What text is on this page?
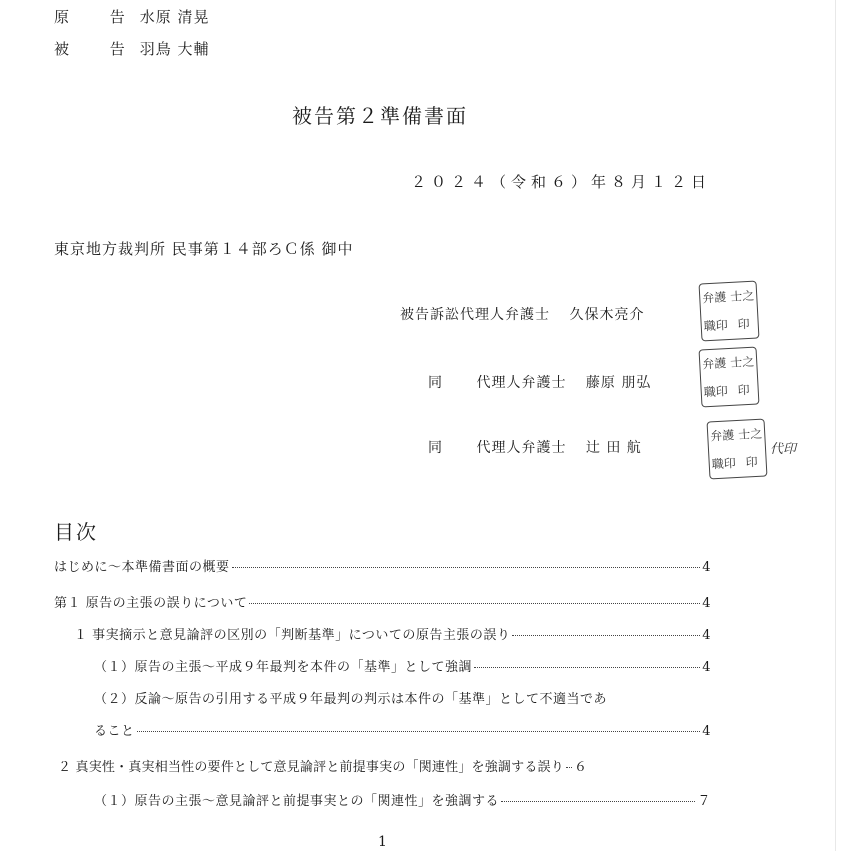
原 告 水原 清晃
被 告 羽鳥 大輔
被告第２準備書面
２０２４（令和６）年８月１２日
東京地方裁判所 民事第１４部ろＣ係 御中
被告訴訟代理人弁護士 久保木亮介
弁護 士之
職印 印
同 代理人弁護士 藤原 朋弘
弁護 士之
職印 印
同 代理人弁護士 辻 田 航
弁護 士之
職印 印
代印
目次
はじめに～本準備書面の概要	4
第１ 原告の主張の誤りについて	4
１ 事実摘示と意見論評の区別の「判断基準」についての原告主張の誤り	4
（１）原告の主張～平成９年最判を本件の「基準」として強調	4
（２）反論～原告の引用する平成９年最判の判示は本件の「基準」として不適当であ
ること	4
２ 真実性・真実相当性の要件として意見論評と前提事実の「関連性」を強調する誤り ６
（１）原告の主張～意見論評と前提事実との「関連性」を強調する	７
1
